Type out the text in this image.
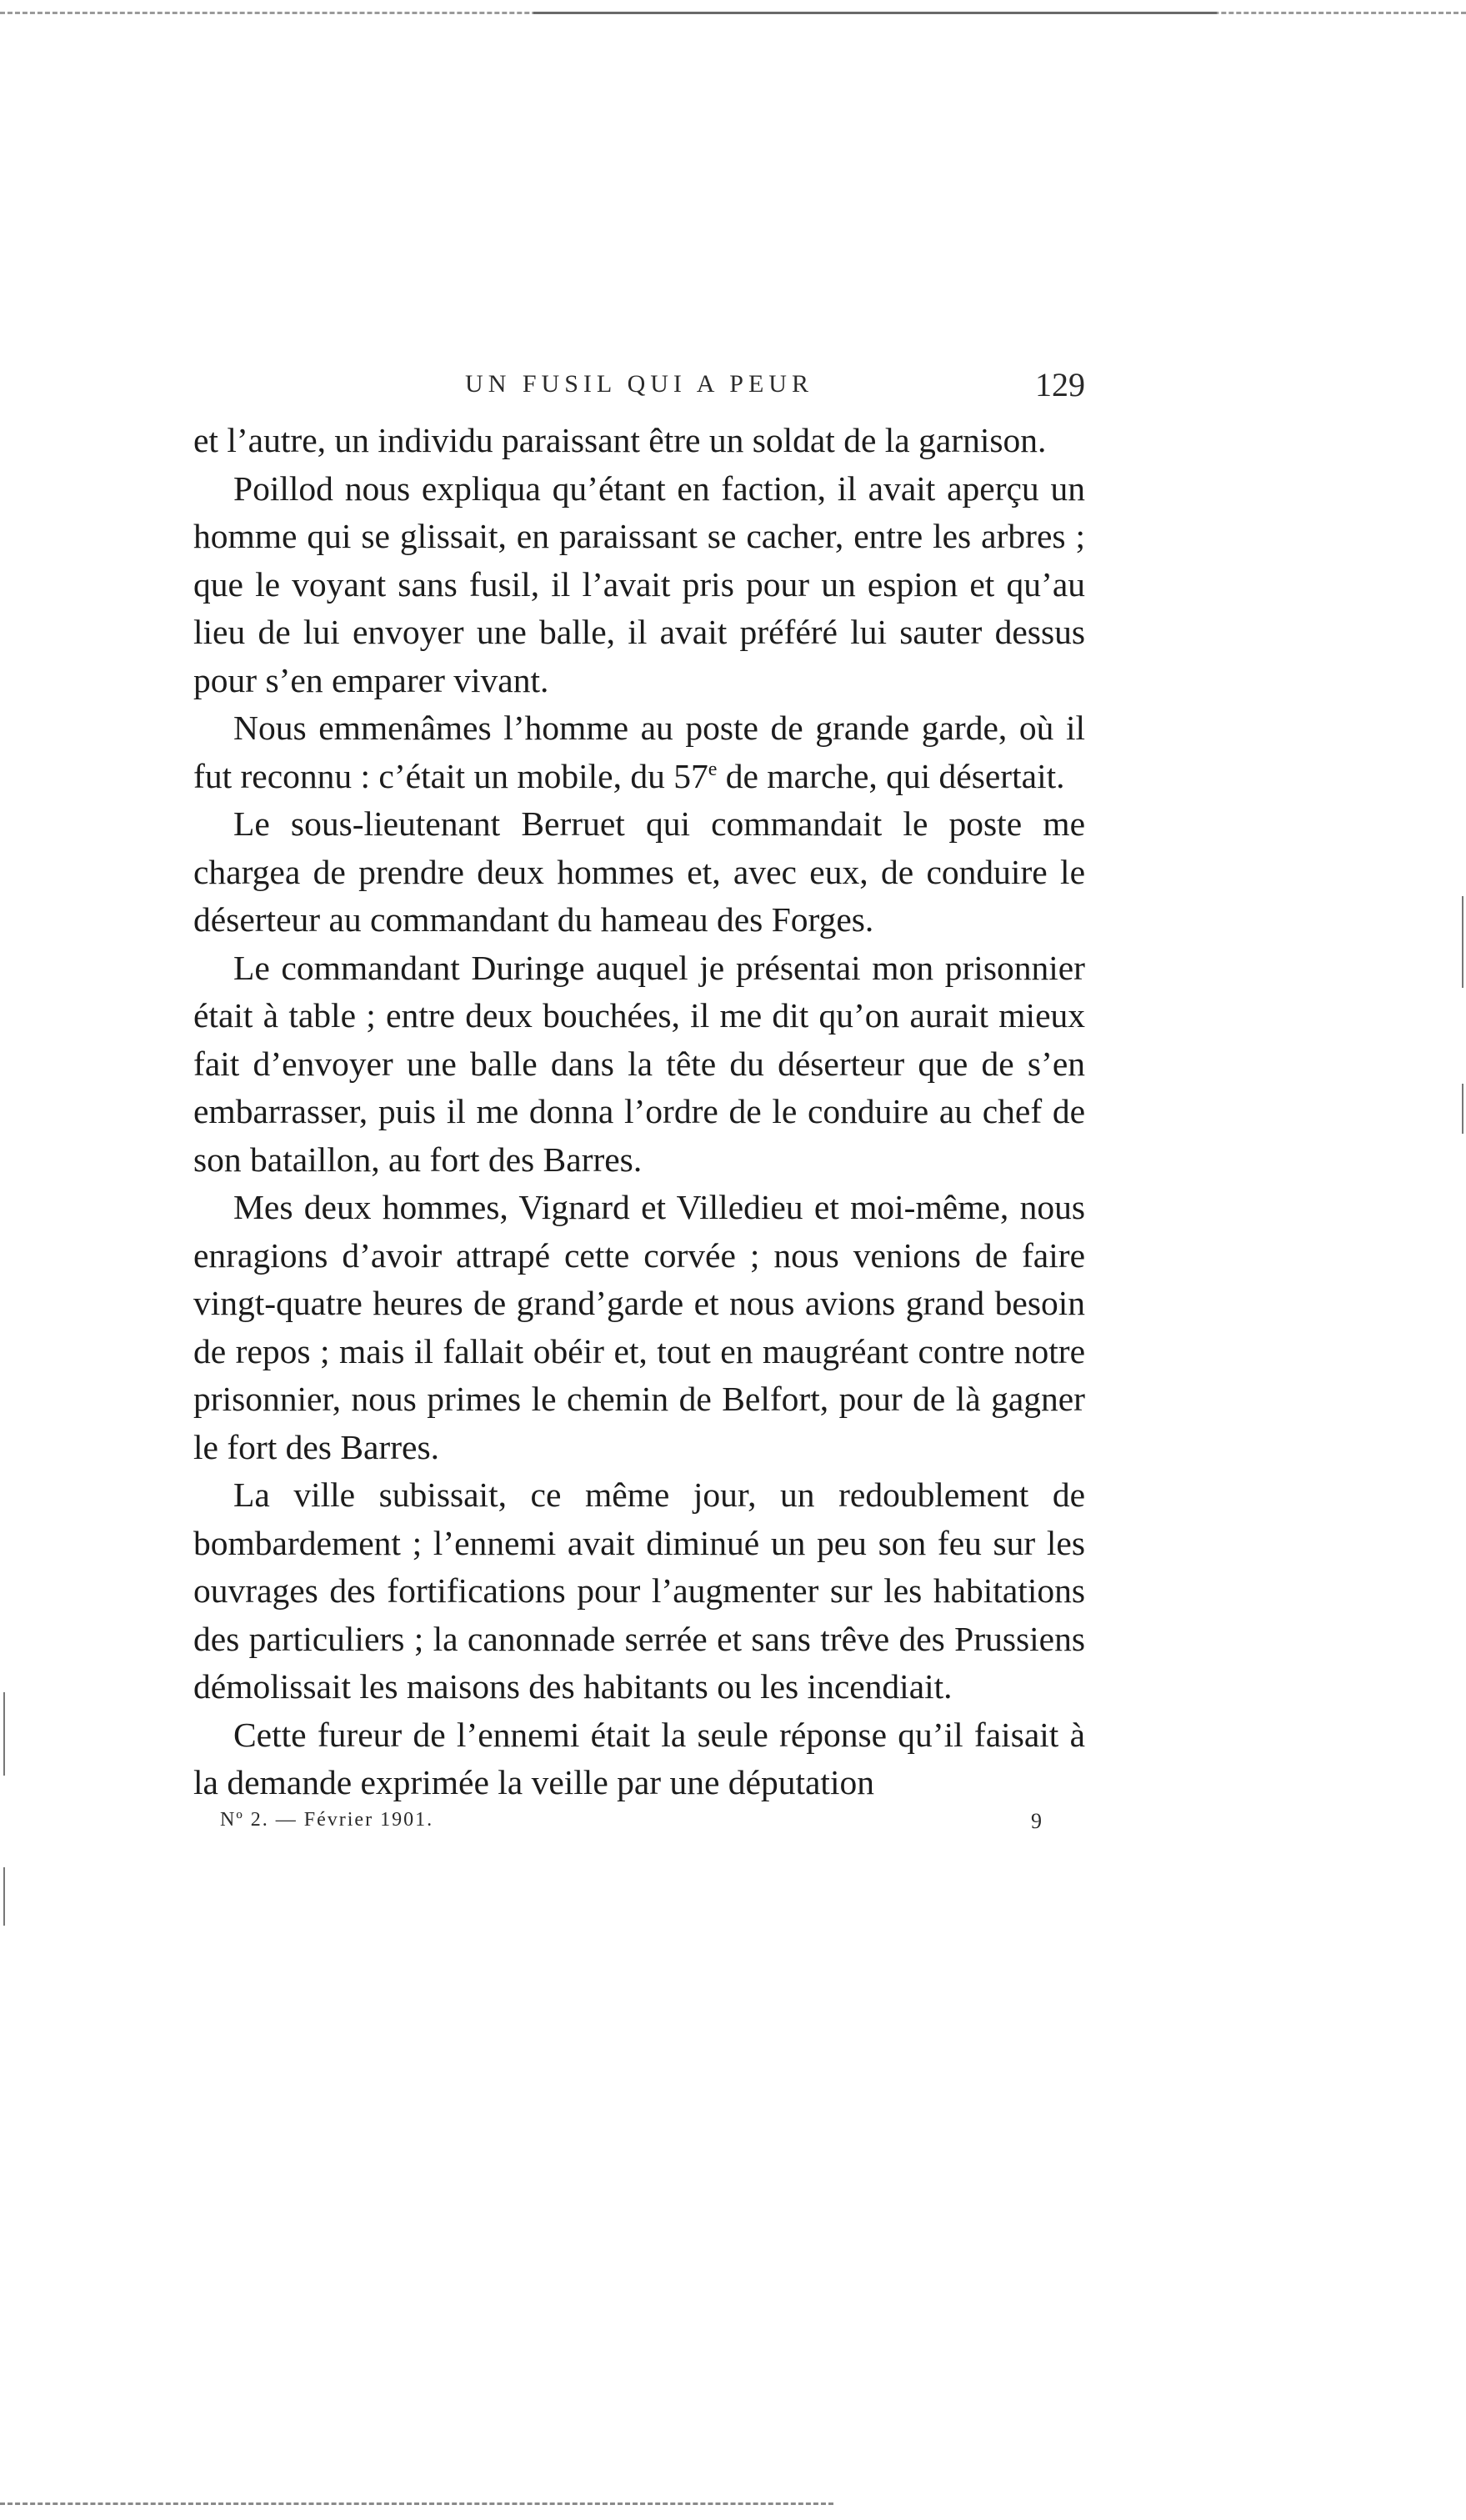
UN FUSIL QUI A PEUR	129

et l’autre, un individu paraissant être un soldat de la garnison.

Poillod nous expliqua qu’étant en faction, il avait aperçu un homme qui se glissait, en paraissant se cacher, entre les arbres ; que le voyant sans fusil, il l’avait pris pour un espion et qu’au lieu de lui envoyer une balle, il avait préféré lui sauter dessus pour s’en emparer vivant.

Nous emmenâmes l’homme au poste de grande garde, où il fut reconnu : c’était un mobile, du 57e de marche, qui désertait.

Le sous-lieutenant Berruet qui commandait le poste me chargea de prendre deux hommes et, avec eux, de conduire le déserteur au commandant du hameau des Forges.

Le commandant Duringe auquel je présentai mon prisonnier était à table ; entre deux bouchées, il me dit qu’on aurait mieux fait d’envoyer une balle dans la tête du déserteur que de s’en embarrasser, puis il me donna l’ordre de le conduire au chef de son bataillon, au fort des Barres.

Mes deux hommes, Vignard et Villedieu et moi-même, nous enragions d’avoir attrapé cette corvée ; nous venions de faire vingt-quatre heures de grand’garde et nous avions grand besoin de repos ; mais il fallait obéir et, tout en maugréant contre notre prisonnier, nous primes le chemin de Belfort, pour de là gagner le fort des Barres.

La ville subissait, ce même jour, un redoublement de bombardement ; l’ennemi avait diminué un peu son feu sur les ouvrages des fortifications pour l’augmenter sur les habitations des particuliers ; la canonnade serrée et sans trêve des Prussiens démolissait les maisons des habitants ou les incendiait.

Cette fureur de l’ennemi était la seule réponse qu’il faisait à la demande exprimée la veille par une députation

Nº 2. — Février 1901.	9
